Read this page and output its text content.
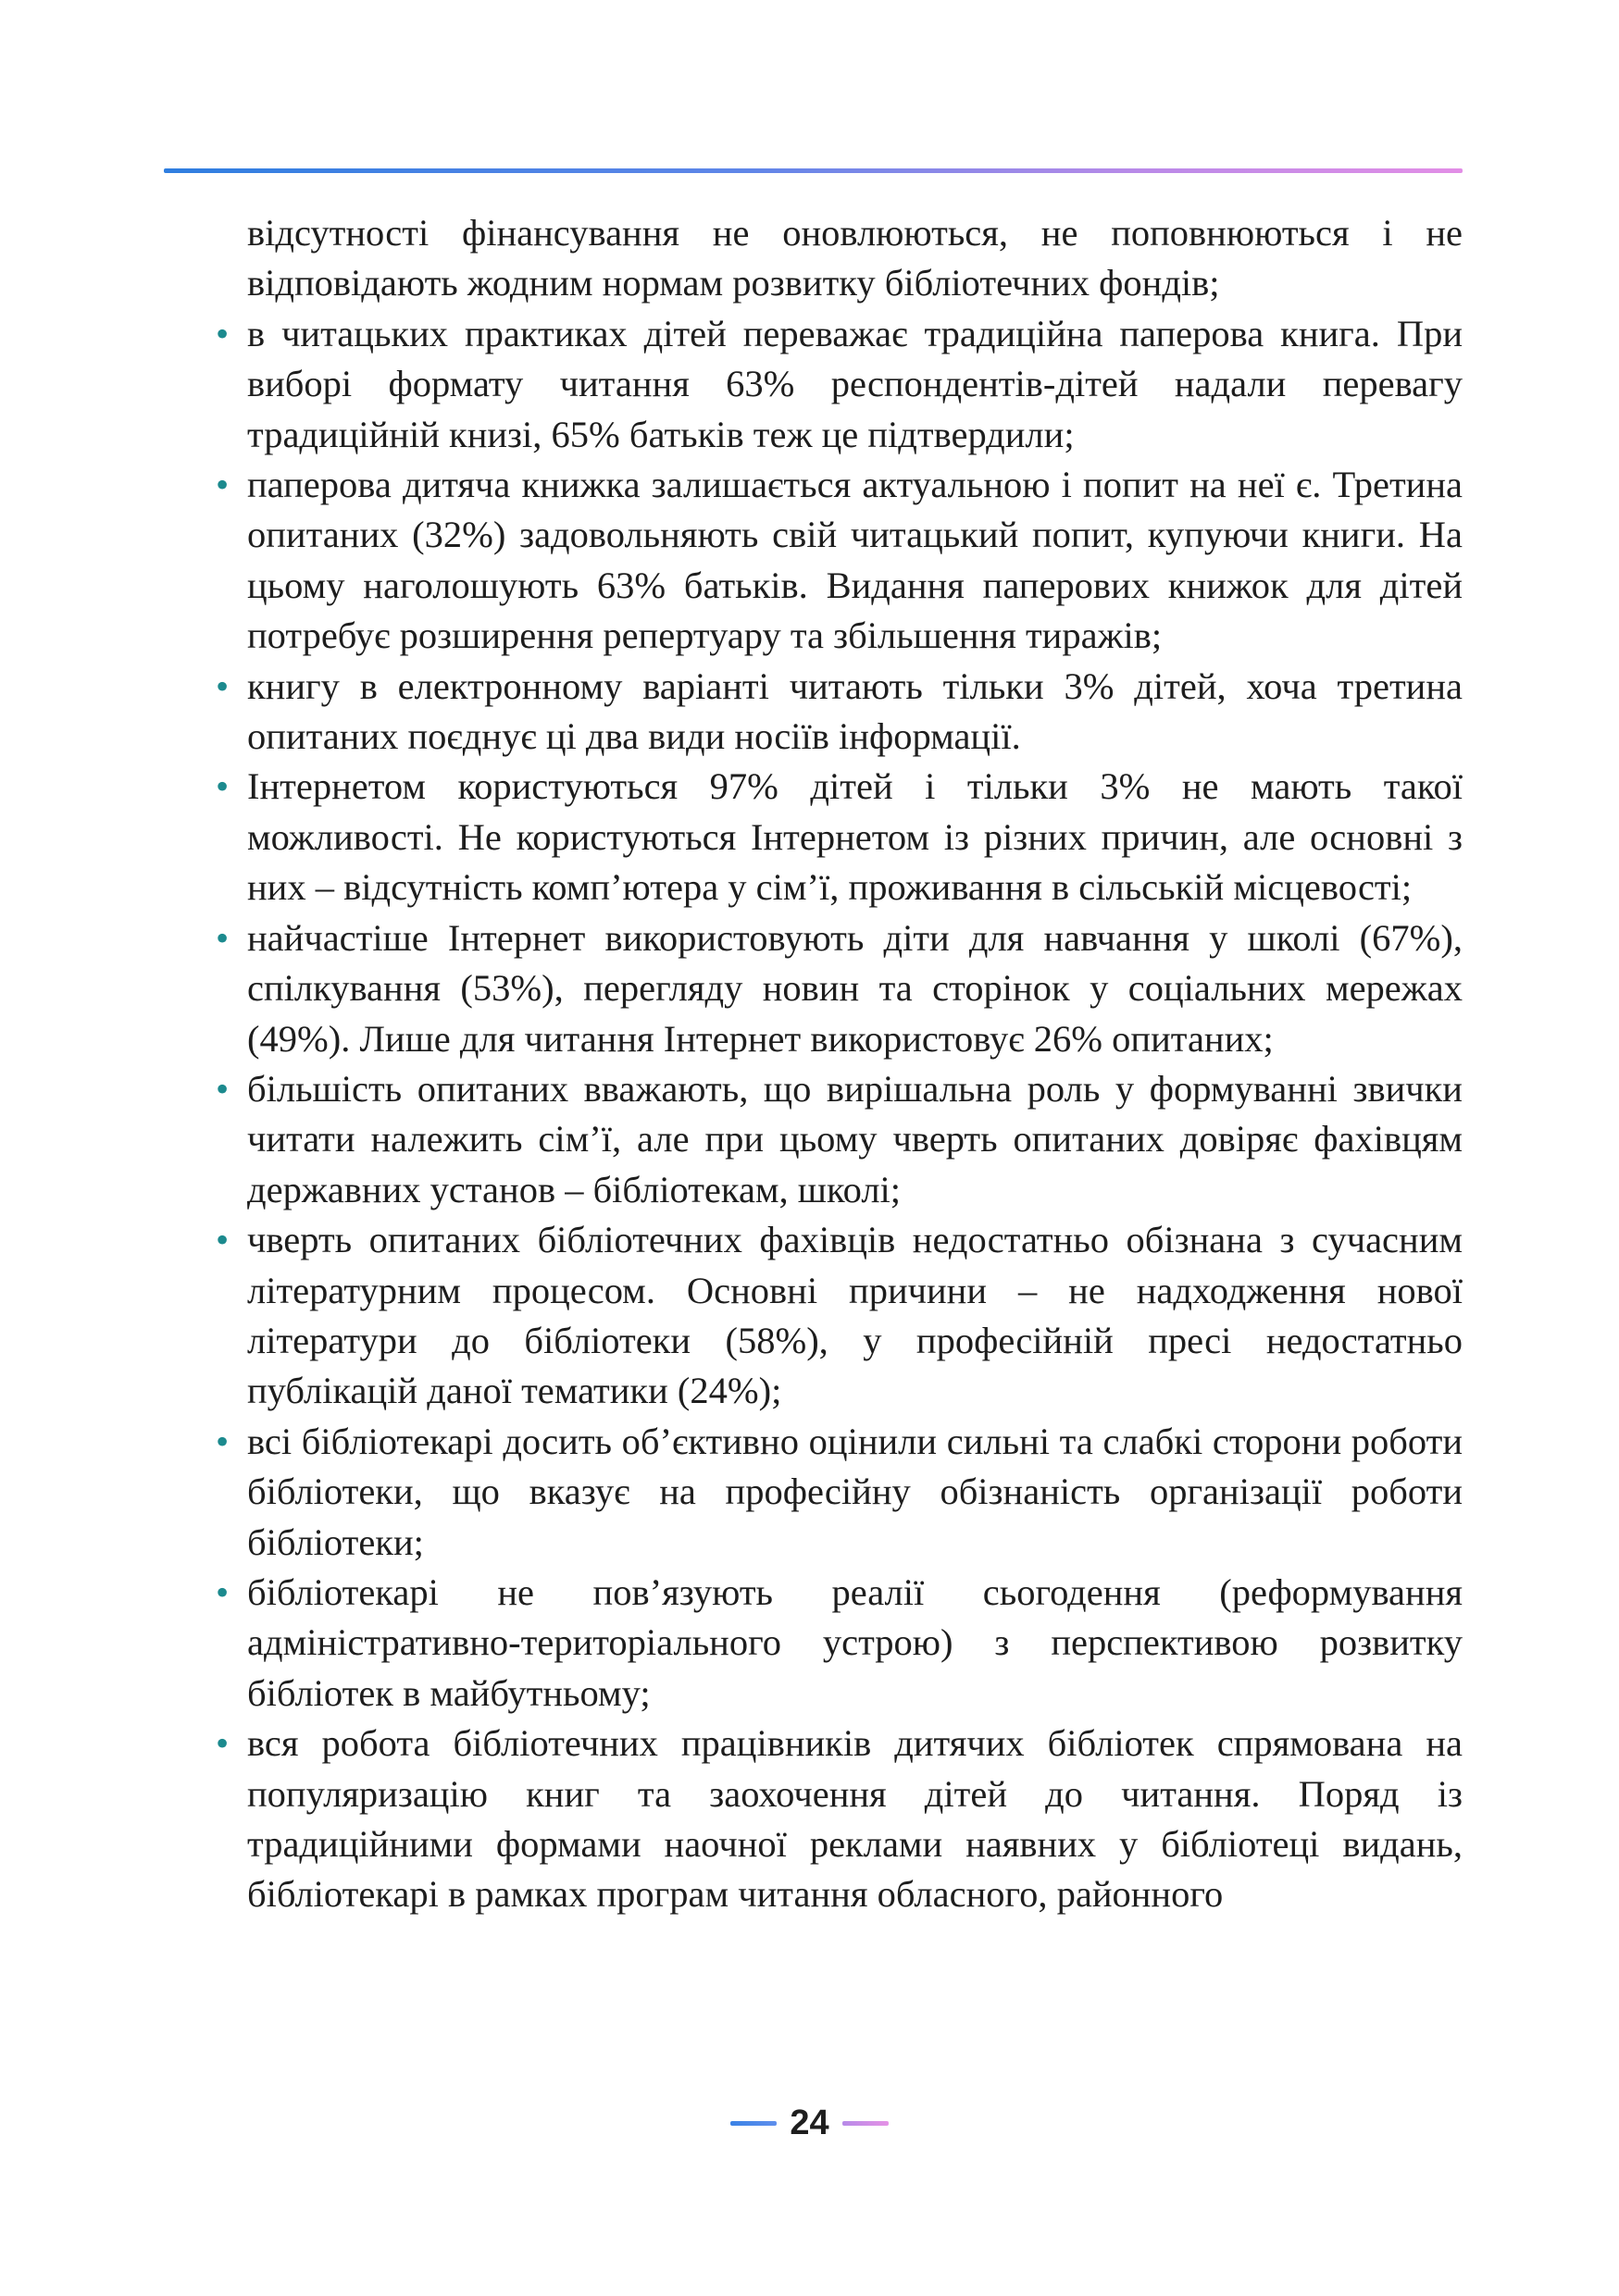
відсутності фінансування не оновлюються, не поповнюються і не відповідають жодним нормам розвитку бібліотечних фондів;

• в читацьких практиках дітей переважає традиційна паперова книга. При виборі формату читання 63% респондентів-дітей надали перевагу традиційній книзі, 65% батьків теж це підтвердили;
• паперова дитяча книжка залишається актуальною і попит на неї є. Третина опитаних (32%) задовольняють свій читацький попит, купуючи книги. На цьому наголошують 63% батьків. Видання паперових книжок для дітей потребує розширення репертуару та збільшення тиражів;
• книгу в електронному варіанті читають тільки 3% дітей, хоча третина опитаних поєднує ці два види носіїв інформації.
• Інтернетом користуються 97% дітей і тільки 3% не мають такої можливості. Не користуються Інтернетом із різних причин, але основні з них – відсутність комп’ютера у сім’ї, проживання в сільській місцевості;
• найчастіше Інтернет використовують діти для навчання у школі (67%), спілкування (53%), перегляду новин та сторінок у соціальних мережах (49%). Лише для читання Інтернет використовує 26% опитаних;
• більшість опитаних вважають, що вирішальна роль у формуванні звички читати належить сім’ї, але при цьому чверть опитаних довіряє фахівцям державних установ – бібліотекам, школі;
• чверть опитаних бібліотечних фахівців недостатньо обізнана з сучасним літературним процесом. Основні причини – не надходження нової літератури до бібліотеки (58%), у професійній пресі недостатньо публікацій даної тематики (24%);
• всі бібліотекарі досить об’єктивно оцінили сильні та слабкі сторони роботи бібліотеки, що вказує на професійну обізнаність організації роботи бібліотеки;
• бібліотекарі не пов’язують реалії сьогодення (реформування адміністративно-територіального устрою) з перспективою розвитку бібліотек в майбутньому;
• вся робота бібліотечних працівників дитячих бібліотек спрямована на популяризацію книг та заохочення дітей до читання. Поряд із традиційними формами наочної реклами наявних у бібліотеці видань, бібліотекарі в рамках програм читання обласного, районного
24
